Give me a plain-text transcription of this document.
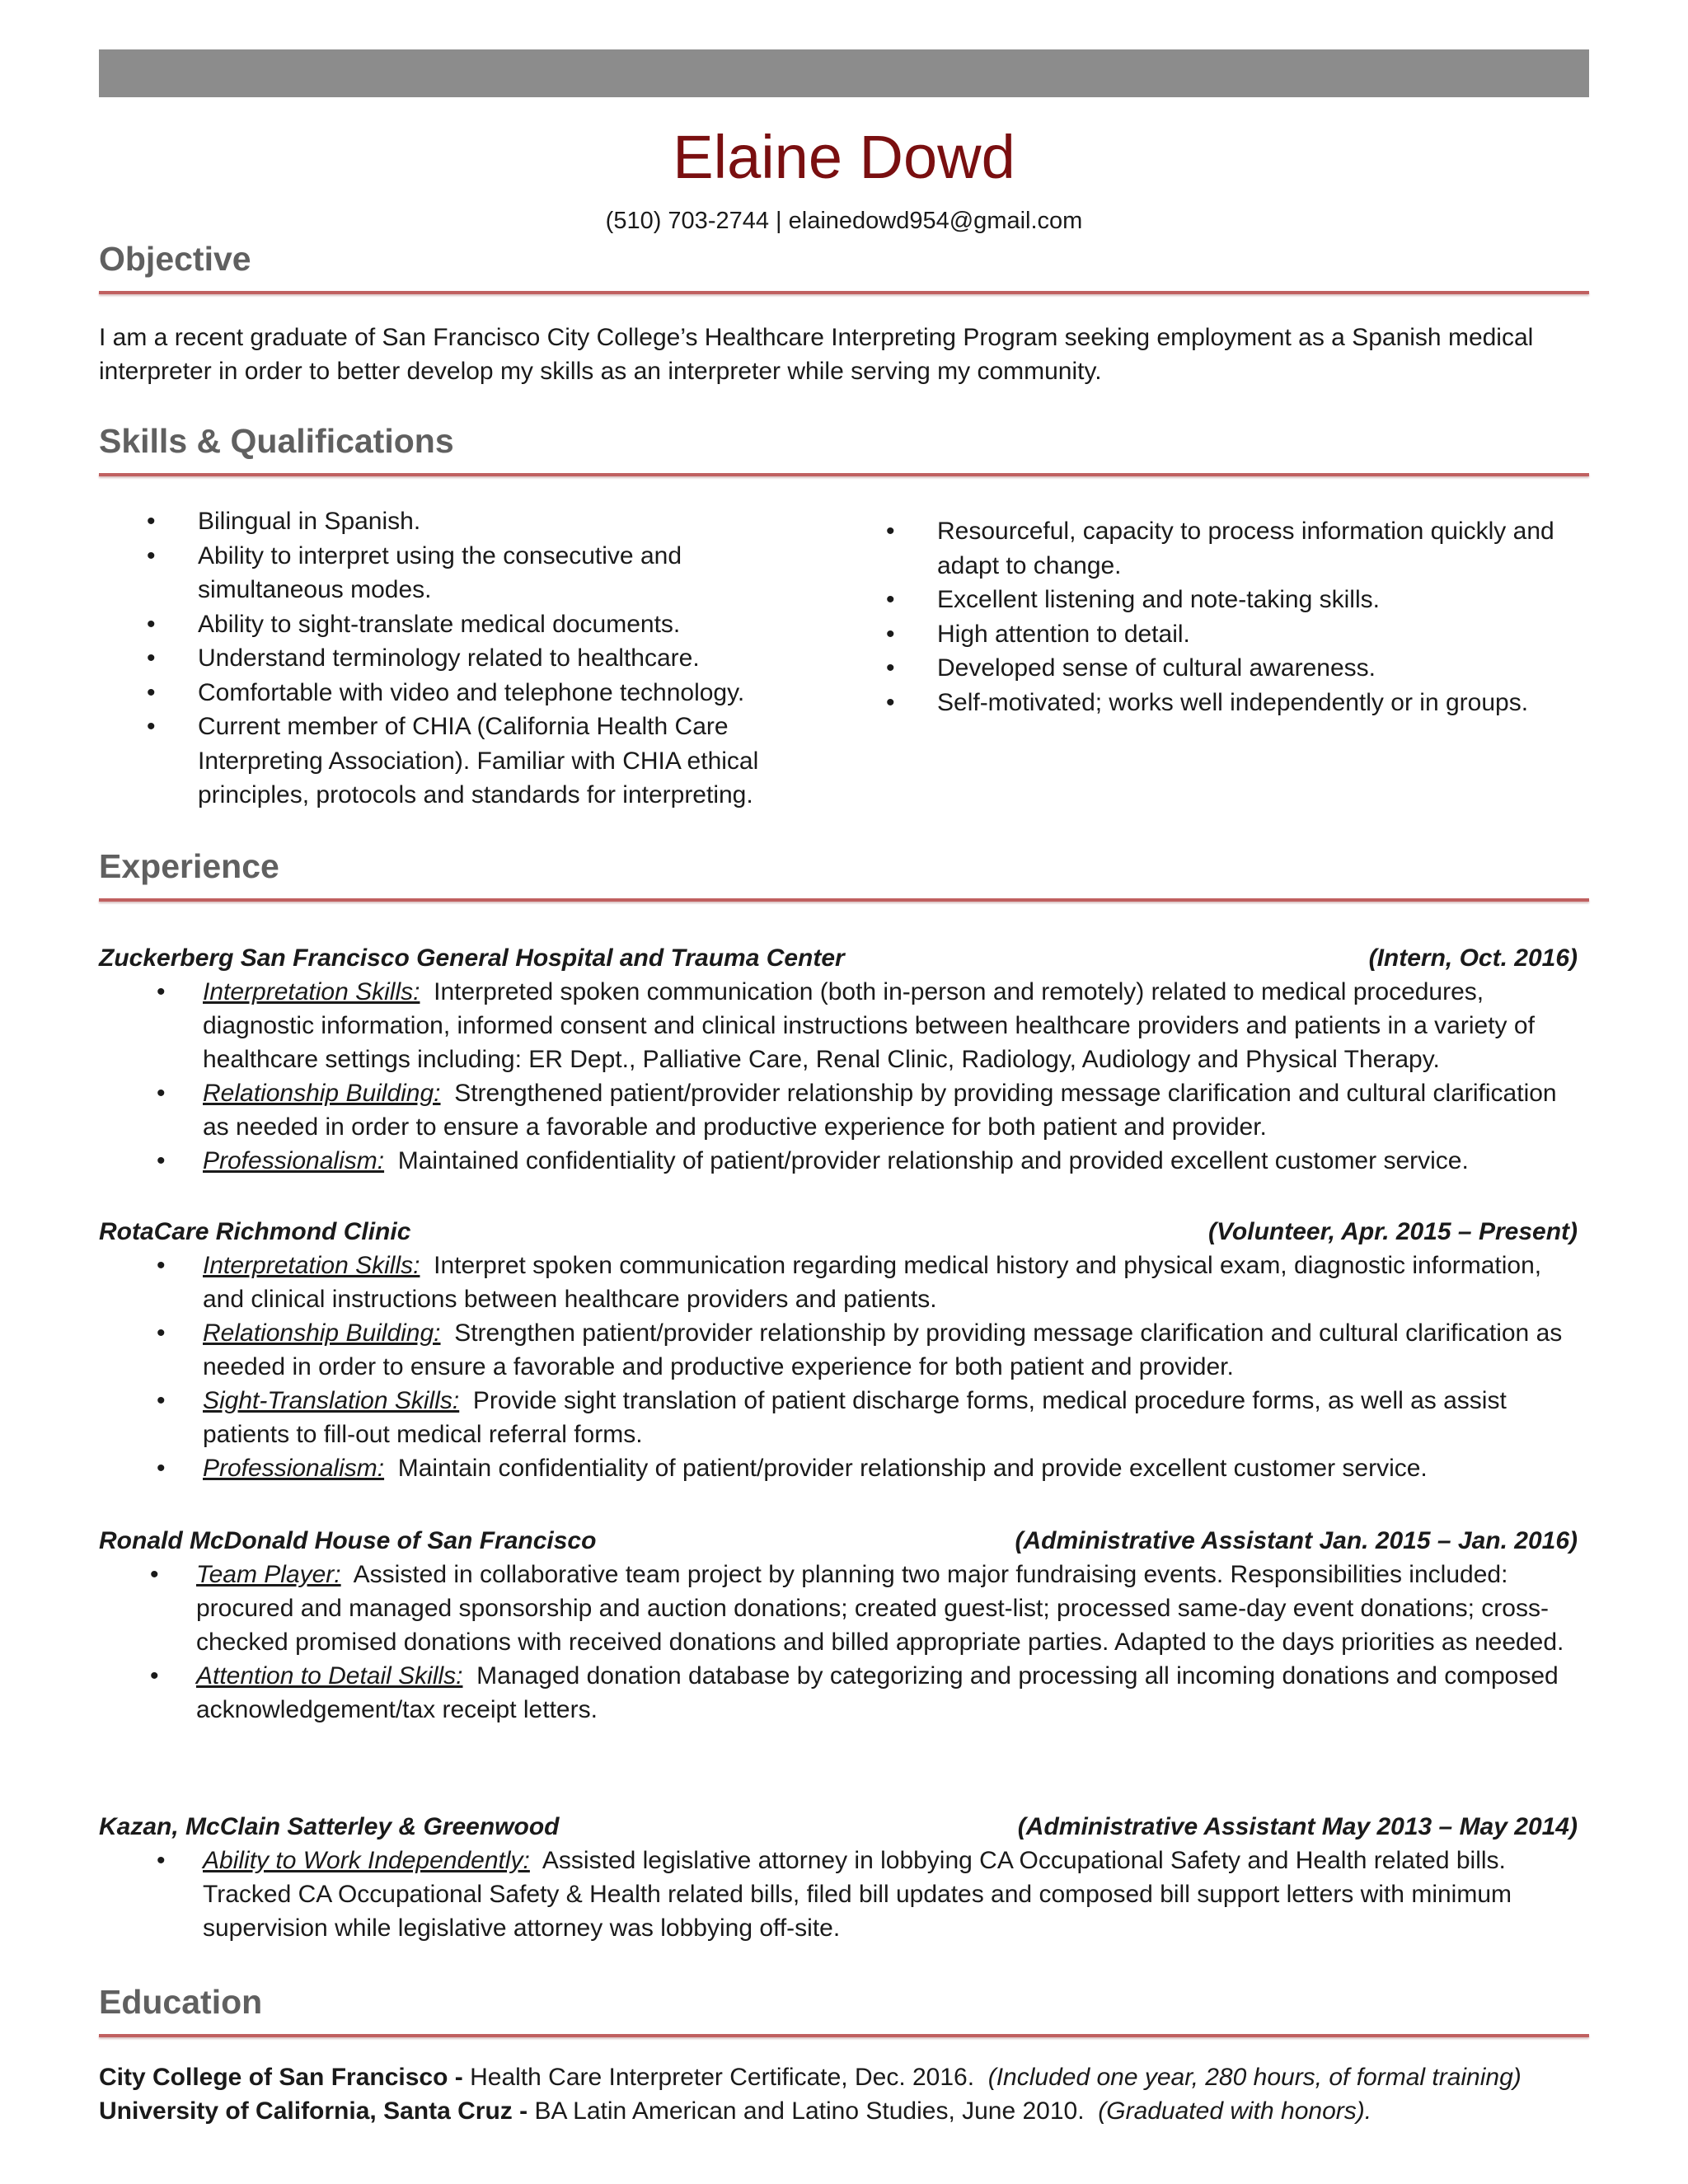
Elaine Dowd
(510) 703-2744 | elainedowd954@gmail.com
Objective
I am a recent graduate of San Francisco City College’s Healthcare Interpreting Program seeking employment as a Spanish medical interpreter in order to better develop my skills as an interpreter while serving my community.
Skills & Qualifications
• Bilingual in Spanish.
• Ability to interpret using the consecutive and simultaneous modes.
• Ability to sight-translate medical documents.
• Understand terminology related to healthcare.
• Comfortable with video and telephone technology.
• Current member of CHIA (California Health Care Interpreting Association). Familiar with CHIA ethical principles, protocols and standards for interpreting.
• Resourceful, capacity to process information quickly and adapt to change.
• Excellent listening and note-taking skills.
• High attention to detail.
• Developed sense of cultural awareness.
• Self-motivated; works well independently or in groups.
Experience
Zuckerberg San Francisco General Hospital and Trauma Center	(Intern, Oct. 2016)
• Interpretation Skills: Interpreted spoken communication (both in-person and remotely) related to medical procedures, diagnostic information, informed consent and clinical instructions between healthcare providers and patients in a variety of healthcare settings including: ER Dept., Palliative Care, Renal Clinic, Radiology, Audiology and Physical Therapy.
• Relationship Building: Strengthened patient/provider relationship by providing message clarification and cultural clarification as needed in order to ensure a favorable and productive experience for both patient and provider.
• Professionalism: Maintained confidentiality of patient/provider relationship and provided excellent customer service.
RotaCare Richmond Clinic	(Volunteer, Apr. 2015 – Present)
• Interpretation Skills: Interpret spoken communication regarding medical history and physical exam, diagnostic information, and clinical instructions between healthcare providers and patients.
• Relationship Building: Strengthen patient/provider relationship by providing message clarification and cultural clarification as needed in order to ensure a favorable and productive experience for both patient and provider.
• Sight-Translation Skills: Provide sight translation of patient discharge forms, medical procedure forms, as well as assist patients to fill-out medical referral forms.
• Professionalism: Maintain confidentiality of patient/provider relationship and provide excellent customer service.
Ronald McDonald House of San Francisco	(Administrative Assistant Jan. 2015 – Jan. 2016)
• Team Player: Assisted in collaborative team project by planning two major fundraising events. Responsibilities included: procured and managed sponsorship and auction donations; created guest-list; processed same-day event donations; cross-checked promised donations with received donations and billed appropriate parties. Adapted to the days priorities as needed.
• Attention to Detail Skills: Managed donation database by categorizing and processing all incoming donations and composed acknowledgement/tax receipt letters.
Kazan, McClain Satterley & Greenwood	(Administrative Assistant May 2013 – May 2014)
• Ability to Work Independently: Assisted legislative attorney in lobbying CA Occupational Safety and Health related bills. Tracked CA Occupational Safety & Health related bills, filed bill updates and composed bill support letters with minimum supervision while legislative attorney was lobbying off-site.
Education
City College of San Francisco - Health Care Interpreter Certificate, Dec. 2016. (Included one year, 280 hours, of formal training)
University of California, Santa Cruz - BA Latin American and Latino Studies, June 2010. (Graduated with honors).
